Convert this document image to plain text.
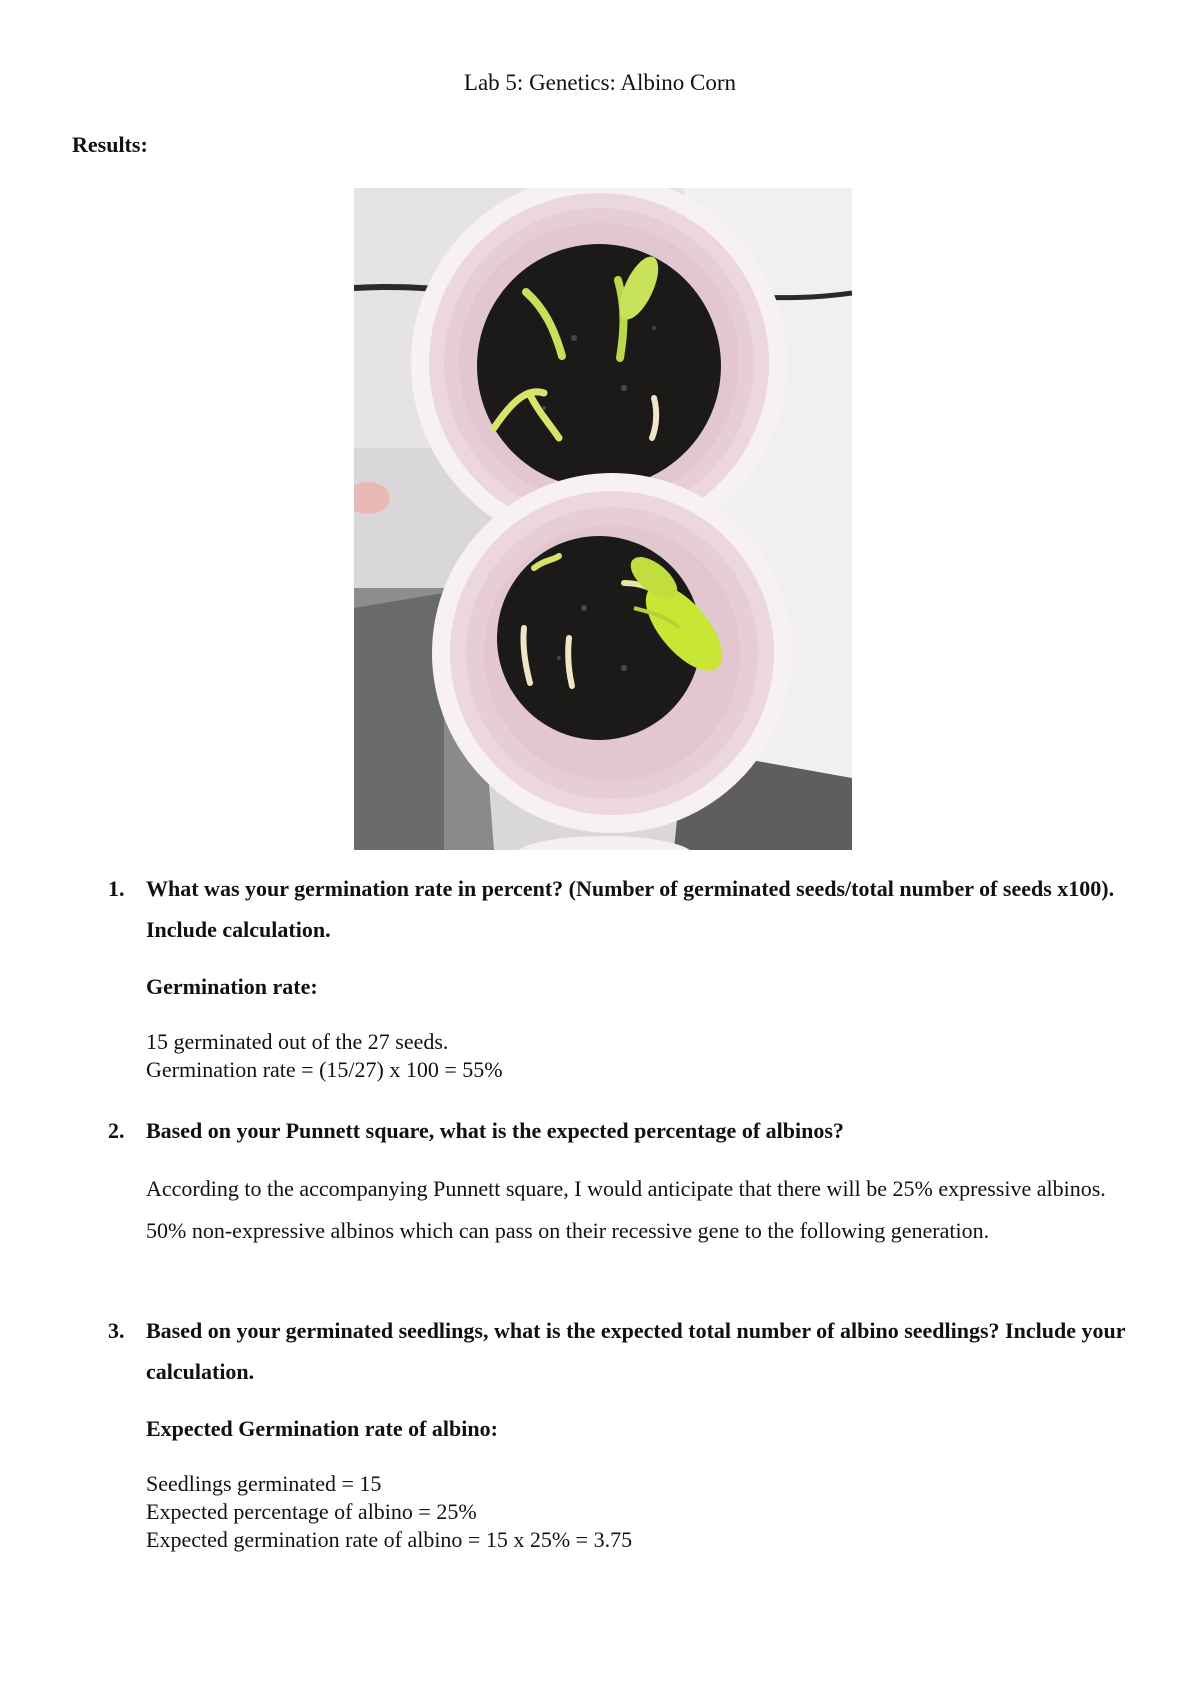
Lab 5: Genetics: Albino Corn
Results:
1. What was your germination rate in percent? (Number of germinated seeds/total number of seeds x100). Include calculation.
Germination rate:
15 germinated out of the 27 seeds.
Germination rate = (15/27) x 100 = 55%
2. Based on your Punnett square, what is the expected percentage of albinos?
According to the accompanying Punnett square, I would anticipate that there will be 25% expressive albinos. 50% non-expressive albinos which can pass on their recessive gene to the following generation.
3. Based on your germinated seedlings, what is the expected total number of albino seedlings? Include your calculation.
Expected Germination rate of albino:
Seedlings germinated = 15
Expected percentage of albino = 25%
Expected germination rate of albino = 15 x 25% = 3.75
